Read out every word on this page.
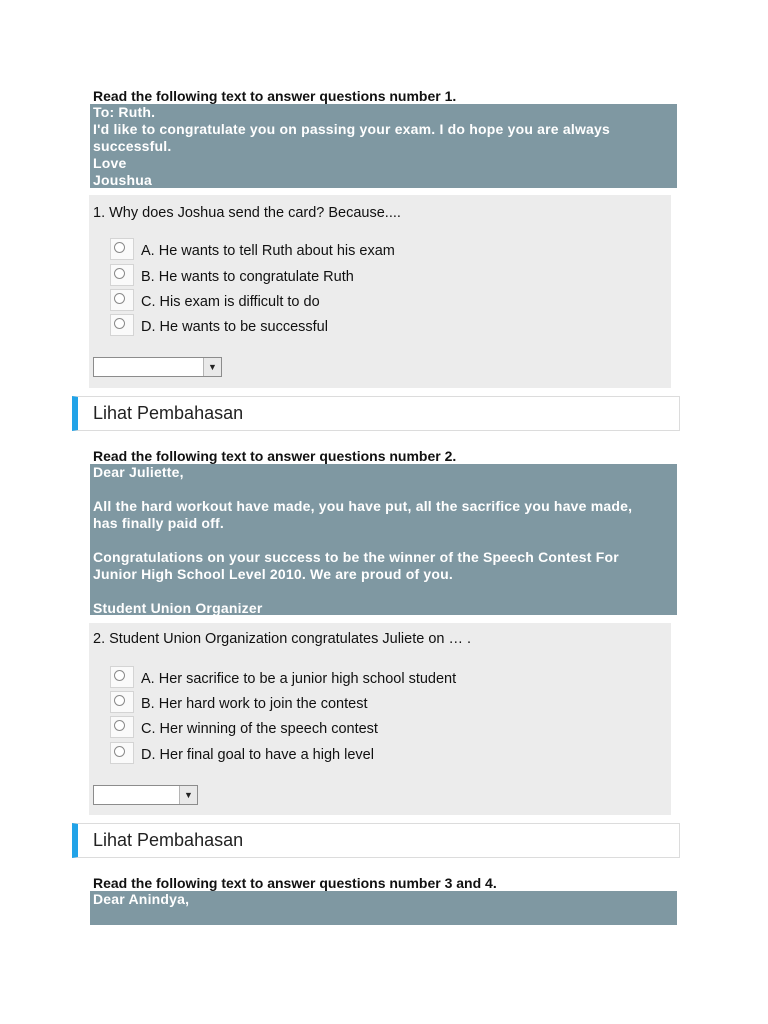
Read the following text to answer questions number 1.
To: Ruth.
I'd like to congratulate you on passing your exam. I do hope you are always
successful.
Love
Joushua
1. Why does Joshua send the card? Because....
A. He wants to tell Ruth about his exam
B. He wants to congratulate Ruth
C. His exam is difficult to do
D. He wants to be successful
▼
Lihat Pembahasan
Read the following text to answer questions number 2.
Dear Juliette,
All the hard workout have made, you have put, all the sacrifice you have made,
has finally paid off.
Congratulations on your success to be the winner of the Speech Contest For
Junior High School Level 2010. We are proud of you.
Student Union Organizer
2. Student Union Organization congratulates Juliete on … .
A. Her sacrifice to be a junior high school student
B. Her hard work to join the contest
C. Her winning of the speech contest
D. Her final goal to have a high level
▼
Lihat Pembahasan
Read the following text to answer questions number 3 and 4.
Dear Anindya,
